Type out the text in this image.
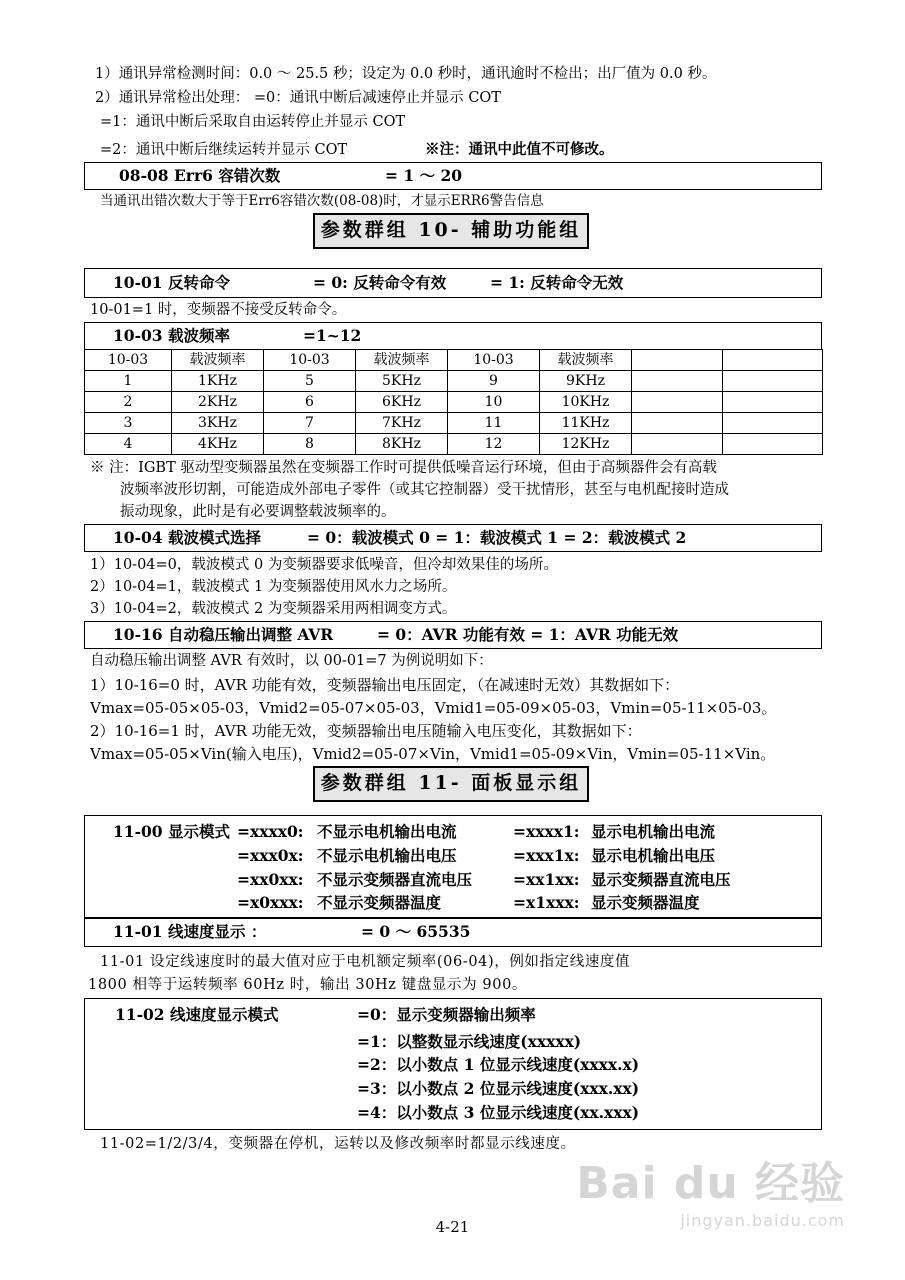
1）通讯异常检测时间：0.0 ～ 25.5 秒；设定为 0.0 秒时，通讯逾时不检出；出厂值为 0.0 秒。
2）通讯异常检出处理： =0：通讯中断后减速停止并显示 COT
=1：通讯中断后采取自由运转停止并显示 COT
=2：通讯中断后继续运转并显示 COT	※注：通讯中此值不可修改。
08-08 Err6 容错次数	= 1 ～ 20
当通讯出错次数大于等于Err6容错次数(08-08)时，才显示ERR6警告信息
参数群组 10- 辅助功能组
10-01 反转命令	= 0: 反转命令有效	= 1: 反转命令无效
10-01=1 时，变频器不接受反转命令。
10-03 载波频率	=1~12
10-03	载波频率	10-03	载波频率	10-03	载波频率		
1	1KHz	5	5KHz	9	9KHz		
2	2KHz	6	6KHz	10	10KHz		
3	3KHz	7	7KHz	11	11KHz		
4	4KHz	8	8KHz	12	12KHz		
※ 注：IGBT 驱动型变频器虽然在变频器工作时可提供低噪音运行环境，但由于高频器件会有高载
波频率波形切割，可能造成外部电子零件（或其它控制器）受干扰情形，甚至与电机配接时造成
振动现象，此时是有必要调整载波频率的。
10-04 载波模式选择	= 0：载波模式 0 = 1：载波模式 1 = 2：载波模式 2
1）10-04=0，载波模式 0 为变频器要求低噪音，但冷却效果佳的场所。
2）10-04=1，载波模式 1 为变频器使用风水力之场所。
3）10-04=2，载波模式 2 为变频器采用两相调变方式。
10-16 自动稳压输出调整 AVR	= 0：AVR 功能有效 = 1：AVR 功能无效
自动稳压输出调整 AVR 有效时，以 00-01=7 为例说明如下：
1）10-16=0 时，AVR 功能有效，变频器输出电压固定，（在减速时无效）其数据如下：
Vmax=05-05×05-03，Vmid2=05-07×05-03，Vmid1=05-09×05-03，Vmin=05-11×05-03。
2）10-16=1 时，AVR 功能无效，变频器输出电压随输入电压变化，其数据如下：
Vmax=05-05×Vin(输入电压)，Vmid2=05-07×Vin，Vmid1=05-09×Vin，Vmin=05-11×Vin。
参数群组 11- 面板显示组
11-00 显示模式 =xxxx0: 不显示电机输出电流	=xxxx1: 显示电机输出电流
=xxx0x: 不显示电机输出电压	=xxx1x: 显示电机输出电压
=xx0xx: 不显示变频器直流电压	=xx1xx: 显示变频器直流电压
=x0xxx: 不显示变频器温度	=x1xxx: 显示变频器温度
11-01 线速度显示 ：	= 0 ～ 65535
11-01 设定线速度时的最大值对应于电机额定频率(06-04)，例如指定线速度值
1800 相等于运转频率 60Hz 时，输出 30Hz 键盘显示为 900。
11-02 线速度显示模式	=0：显示变频器输出频率
=1：以整数显示线速度(xxxxx)
=2：以小数点 1 位显示线速度(xxxx.x)
=3：以小数点 2 位显示线速度(xxx.xx)
=4：以小数点 3 位显示线速度(xx.xxx)
11-02=1/2/3/4，变频器在停机，运转以及修改频率时都显示线速度。
4-21
Bai du 经验
jingyan.baidu.com
